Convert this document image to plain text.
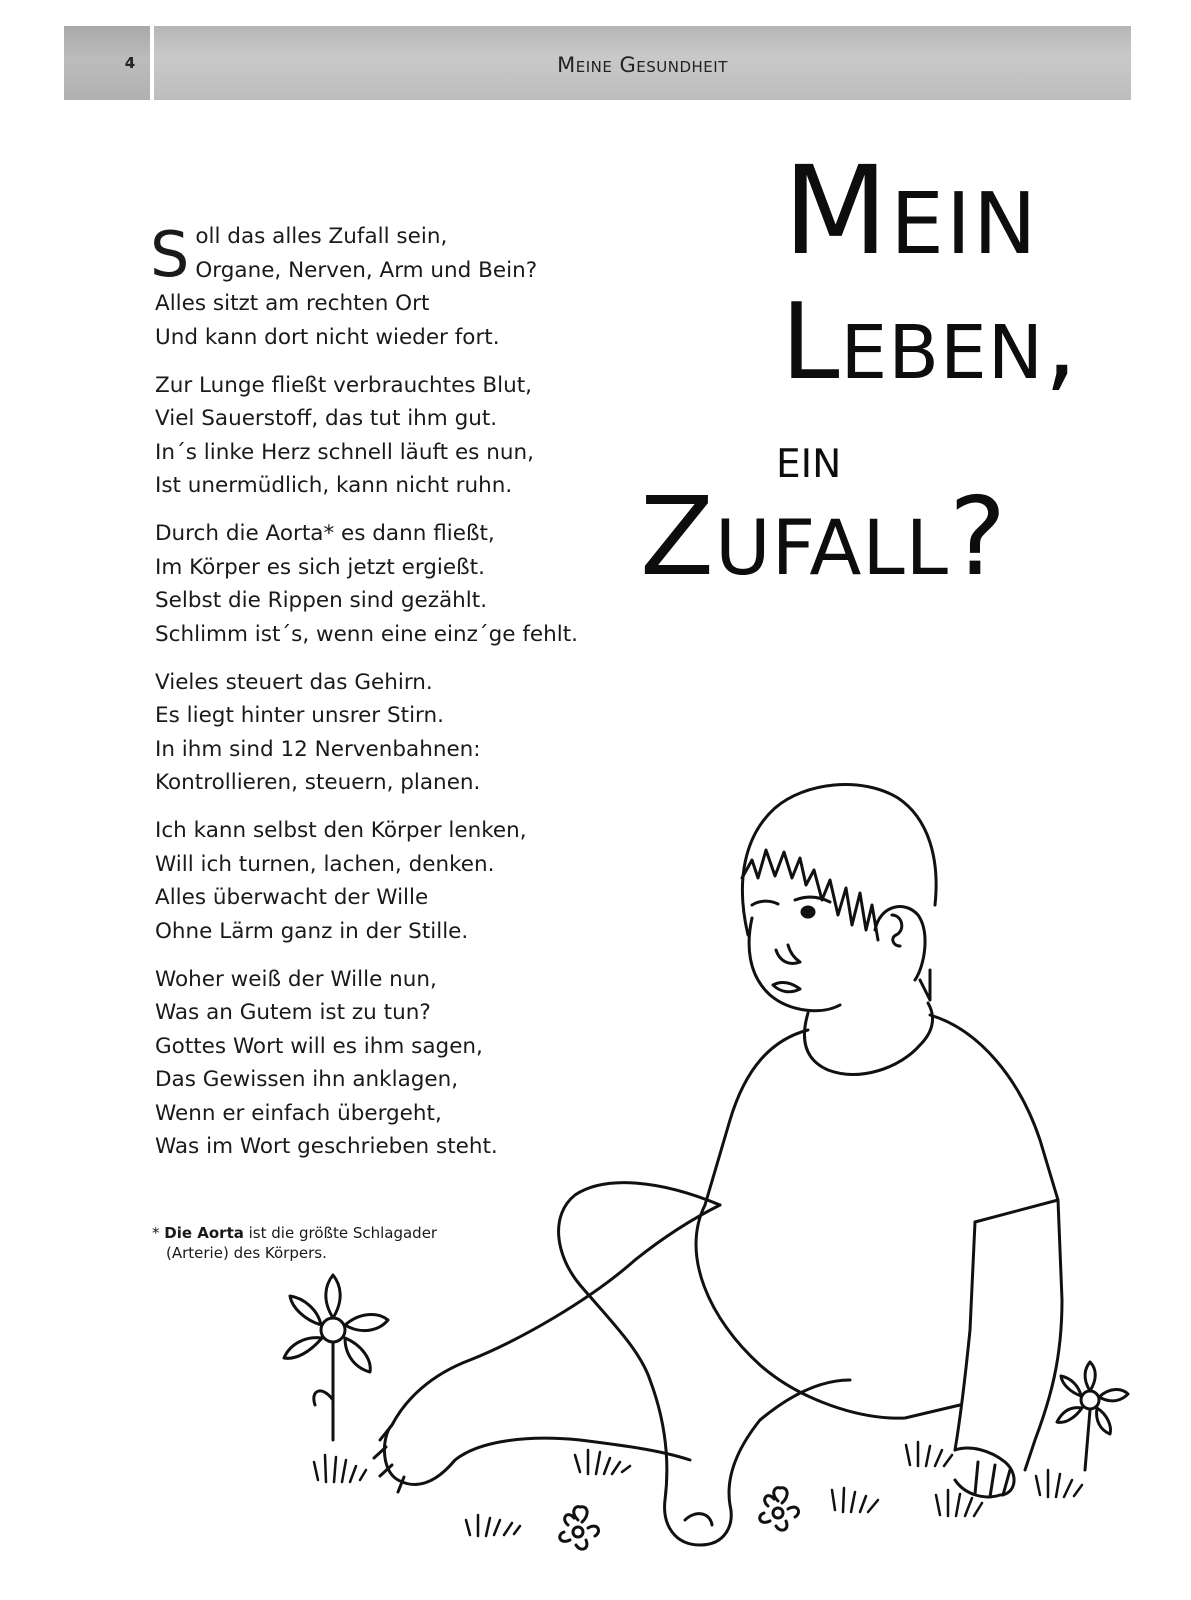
4	Meine Gesundheit
Mein
Leben,
ein
Zufall?
S oll das alles Zufall sein,
Organe, Nerven, Arm und Bein?
Alles sitzt am rechten Ort
Und kann dort nicht wieder fort.
Zur Lunge fließt verbrauchtes Blut,
Viel Sauerstoff, das tut ihm gut.
In´s linke Herz schnell läuft es nun,
Ist unermüdlich, kann nicht ruhn.
Durch die Aorta* es dann fließt,
Im Körper es sich jetzt ergießt.
Selbst die Rippen sind gezählt.
Schlimm ist´s, wenn eine einz´ge fehlt.
Vieles steuert das Gehirn.
Es liegt hinter unsrer Stirn.
In ihm sind 12 Nervenbahnen:
Kontrollieren, steuern, planen.
Ich kann selbst den Körper lenken,
Will ich turnen, lachen, denken.
Alles überwacht der Wille
Ohne Lärm ganz in der Stille.
Woher weiß der Wille nun,
Was an Gutem ist zu tun?
Gottes Wort will es ihm sagen,
Das Gewissen ihn anklagen,
Wenn er einfach übergeht,
Was im Wort geschrieben steht.
* Die Aorta ist die größte Schlagader
(Arterie) des Körpers.
